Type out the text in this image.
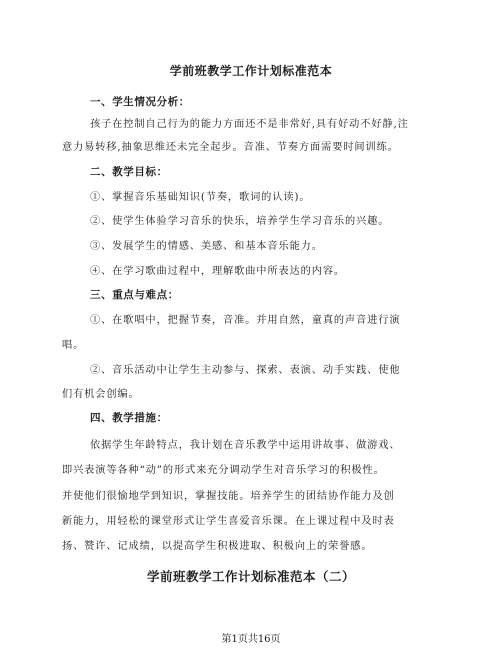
学前班教学工作计划标准范本
一、学生情况分析：
孩子在控制自己行为的能力方面还不是非常好,具有好动不好静,注
意力易转移,抽象思维还未完全起步。音准、节奏方面需要时间训练。
二、教学目标：
①、掌握音乐基础知识(节奏，歌词的认读)。
②、使学生体验学习音乐的快乐，培养学生学习音乐的兴趣。
③、发展学生的情感、美感、和基本音乐能力。
④、在学习歌曲过程中，理解歌曲中所表达的内容。
三、重点与难点：
①、在歌唱中，把握节奏，音准。并用自然，童真的声音进行演
唱。
②、音乐活动中让学生主动参与、探索、表演、动手实践、使他
们有机会创编。
四、教学措施：
依据学生年龄特点，我计划在音乐教学中运用讲故事、做游戏、
即兴表演等各种“动”的形式来充分调动学生对音乐学习的积极性。
并使他们很愉地学到知识，掌握技能。培养学生的团结协作能力及创
新能力，用轻松的课堂形式让学生喜爱音乐课。在上课过程中及时表
扬、赞许、记成绩，以提高学生积极进取、积极向上的荣誉感。
学前班教学工作计划标准范本（二）
第1页共16页
